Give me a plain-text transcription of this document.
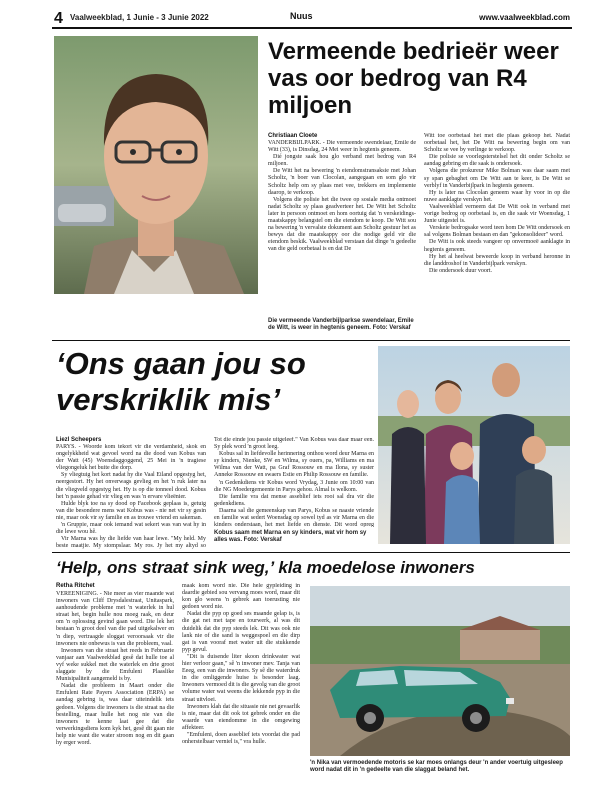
4 Vaalweekblad, 1 Junie - 3 Junie 2022	Nuus	www.vaalweekblad.com
Vermeende bedrieër weer vas oor bedrog van R4 miljoen
Christiaan Cloete

VANDERBIJLPARK. - Die vermeende swendelaar, Emile de Witt (33), is Dinsdag, 24 Mei weer in hegtenis geneem.

Dié jongste saak hou glo verband met bedrog van R4 miljoen.

De Witt het na bewering 'n eiendomstransaksie met Johan Scholtz, 'n boer van Clocolan, aangegaan en som glo vir Scholtz help om sy plaas met vee, trekkers en implemente daarop, te verkoop.

Volgens die polisie het die twee op sosiale media ontmoet nadat Scholtz sy plaas geadverteer het. De Witt het Scholtz later in persoon ontmoet en hom oortuig dat 'n verskeidings-maatskappy belangstel om die eiendom te koop. De Witt sou na bewering 'n vervalste dokument aan Scholtz gestuur het as bewys dat die maatskappy oor die nodige geld vir die eiendom beskik. Vaalweekblad verstaan dat dinge 'n gedeelte van die geld oorbetaal is en dat De

Witt toe oorbetaal het met die plaas gekoop het. Nadat oorbetaal het, het De Witt na bewering begin om van Scholtz se vee by verlinge te verkoop.

Die polisie se voorlegsterstelsel het dit onder Scholtz se aandag gebring en die saak is ondersoek.

Volgens die prokureur Mike Bolman was daar saam met sy span gebaghet om De Witt aan te keer, is De Witt se verblyf in Vanderbijlpark in hegtenis geneem.

Hy is later na Clocolan geneem waar hy voor in op die nuwe aanklagte verskyn het.

Vaalweekblad verneem dat De Witt ook in verband met vorige bedrog op oorbetaal is, en die saak vir Woensdag, 1 Junie uitgestel is.

Verskeie bedrogsake word teen hom De Witt ondersoek en sal volgens Bolman bestaan en dan "gekonsolideer" word.

De Witt is ook steeds vangeer op onvermoeë aanklagte in hegtenis geneem.

Hy het al heelwat beweerde koop in verband heronne in die landdroshof in Vanderbijlpark verskyn.

Die ondersoek duur voort.

Die vermeende Vanderbijlparkse swendelaar, Emile de Witt, is weer in hegtenis geneem. Foto: Verskaf
‘Ons gaan jou so verskriklik mis’
Liezl Scheepers

PARYS. - Woorde kom tekort vir die verdamheid, skok en ongelykkheid wat gevoel word na die dood van Kobus van der Watt (45) Woensdaggoggend, 25 Mei in 'n tragiese vliegongeluk het buite die dorp.

Sy vliegtuig het kort nadat hy die Vaal Eiland opgestyg het, neergestort. Hy het onverwags gevlieg en het 'n ruk later na die vliegveld opgestyg het. Hy is op die tonneel dood. Kobus het 'n passie gehad vir vlieg en was 'n ervare vlieënier.

Hulde blyk toe na sy dood op Facebook geplaas is, getuig van die besondere mens wat Kobus was - nie net vir sy gesin nie, maar ook vir sy familie en as trouwe vriend en sakeman.

'n Gruppie, maar ook iemand wat sekert was van wat hy in die lewe wou hê.

Vir Marna was hy die liefde van haar lewe. "My held. My beste maatjie. My stompslaar. My ros. Jy het my altyd so

Tot die einde jou passie uitgeleef." Van Kobus was daar maar een. Sy plek word 'n groot leeg.

Kobus sal in liefdevolle herinnering onthou word deur Marna en sy kinders, Nienke, SW en Wilma, sy ouers, pa, Williams en ma Wilma van der Watt, pa Graf Rossouw en ma Ilona, sy suster Anneke Rossouw en swaers Estie en Philip Rossouw en familie.

'n Gedenkdiens vir Kobus word Vrydag, 3 Junie om 10:00 van die NG Moedergemeente in Parys gehou. Almal is welkom.

Die familie vra dat mense asseblief iets rooi sal dra vir die gedenkdiens.

Daarna sal die gemeenskap van Parys, Kobus se naaste vriende en familie wat sedert Woensdag op sowel tyd as vir Marna en die kinders onderstaan, het met liefde en dienste. Dit word opreg

Kobus saam met Marna en sy kinders, wat vir hom sy alles was. Foto: Verskaf
‘Help, ons straat sink weg,’ kla moedelose inwoners
Retha Ritchet

VEREENIGING. - Nie meer as vier maande wat inwoners van Cliff Drysdalestraat, Unitaspark, aanhoudende probleme met 'n waterlek in hul straat het, begin hulle nou moeg raak, en deur om 'n oplossing gevind gaan word. Die lek het bestaan 'n groot deel van die pad uitgekalwer en 'n diep, vertraagde sloggat veroorsaak vir die inwoners nie onbewus is van die probleem, vaal.

Inwoners van die straat het reeds in Februarie vanjaar aan Vaalweekblad gesê dat hulle toe al vyf weke sukkel met die waterlek en drie groot slaggate by die Emfuleni Plaaslike Munisipaliteit aangemeld is by.

Nadat die probleem in Maart onder die Emfuleni Rate Payers Association (ERPA) se aandag gebring is, was daar uiteindelik iets gedoen. Volgens die inwoners is die straat na die bestelling, maar hulle het nog nie van die inwoners te kenne laat gee dat die verwerkingsdiens kom kyk het, gesê dit gaan nie help nie want die water stroom nog en dit gaan hy erger word.

maak kom word nie. Die hele gypleiding in daardie gebied sou vervang moes word, maar dit kon glo weens 'n gebrek aan toerusting nie gedoen word nie.

Nadat die pyp op goed ses maande gelap is, is die gat net met tape en tourwerk, al was dit duidelik dat die pyp steeds lek. Dit was ook nie lank nie of die sand is weggespoel en die dirp gat is van vooraf met water uit die stukkende pyp gevul.

"Dit is duisende liter skoon drinkwater wat hier verloor gaan," sê 'n inwoner mev. Tanja van Eeeg, een van die inwoners. Sy sê die waterdruk in die omliggende huise is besonder laag. Inwoners vermoed dit is die gevolg van die groot volume water wat weens die lekkende pyp in die straat uitvloei.

Inwoners klah dat die situasie nie net gevaarlik is nie, maar dat dit ook tot gebrek onder en die waarde van eiendomme in die omgewing affekteer.

"Emfuleni, doen asseblief iets voordat die pad onherstelbaar verniel is," vra hulle.

'n Nika van vermoedende motoris se kar moes onlangs deur 'n ander voertuig uitgesleep word nadat dit in 'n gedeelte van die slaggat beland het.
